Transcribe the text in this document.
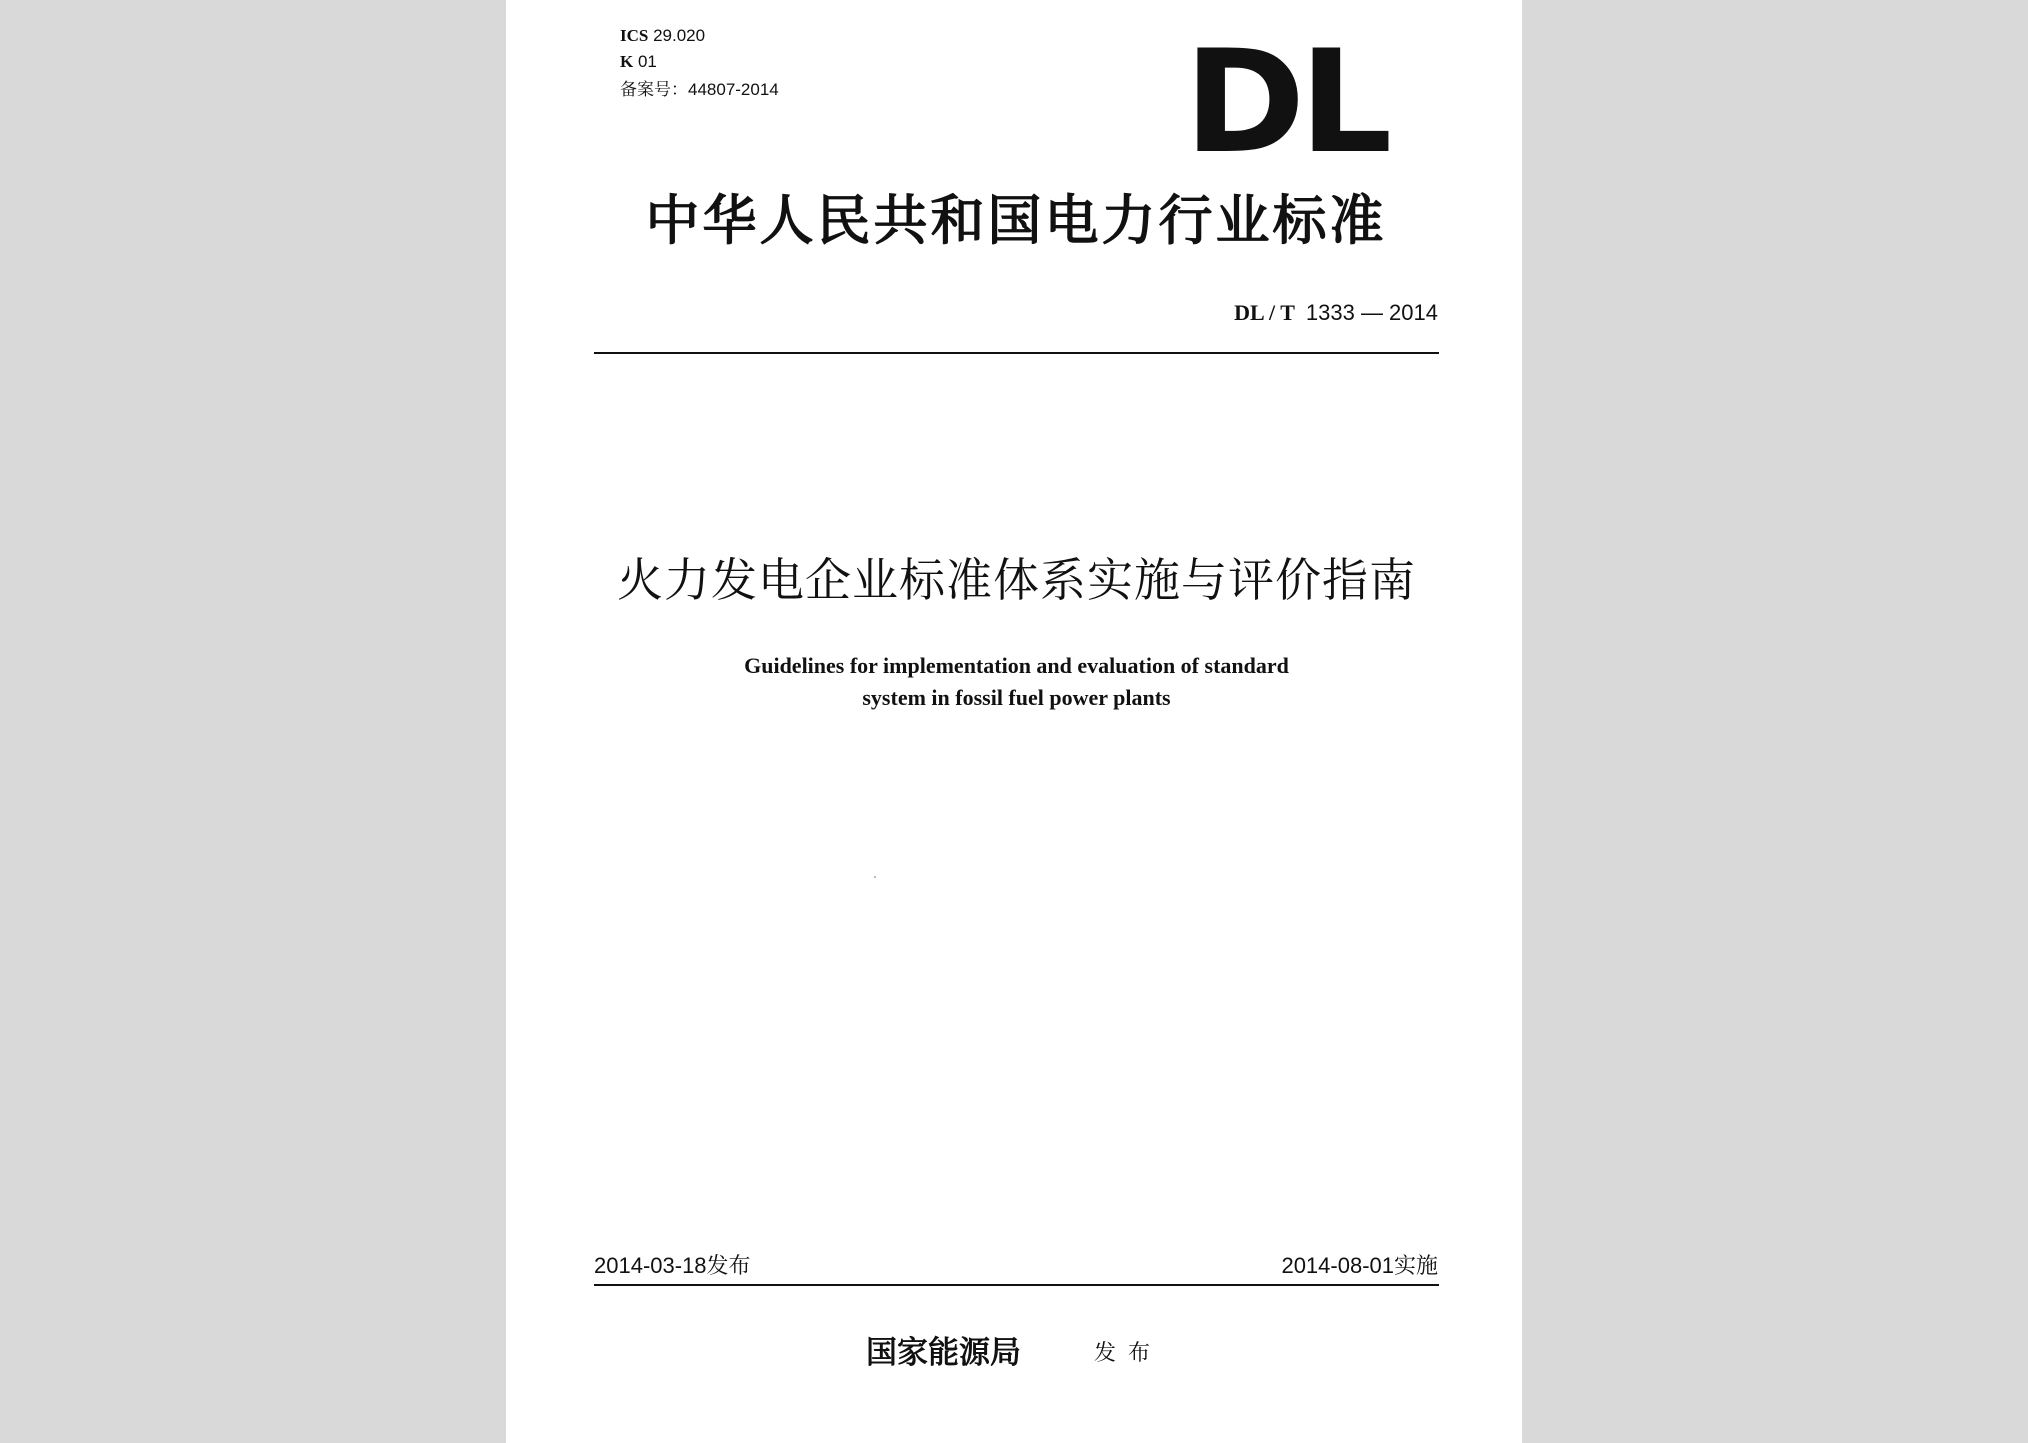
ICS 29.020
K 01
备案号：44807-2014	DL
中华人民共和国电力行业标准
DL / T 1333 — 2014
火力发电企业标准体系实施与评价指南
Guidelines for implementation and evaluation of standard
system in fossil fuel power plants
2014-03-18发布	2014-08-01实施
国家能源局	发布
